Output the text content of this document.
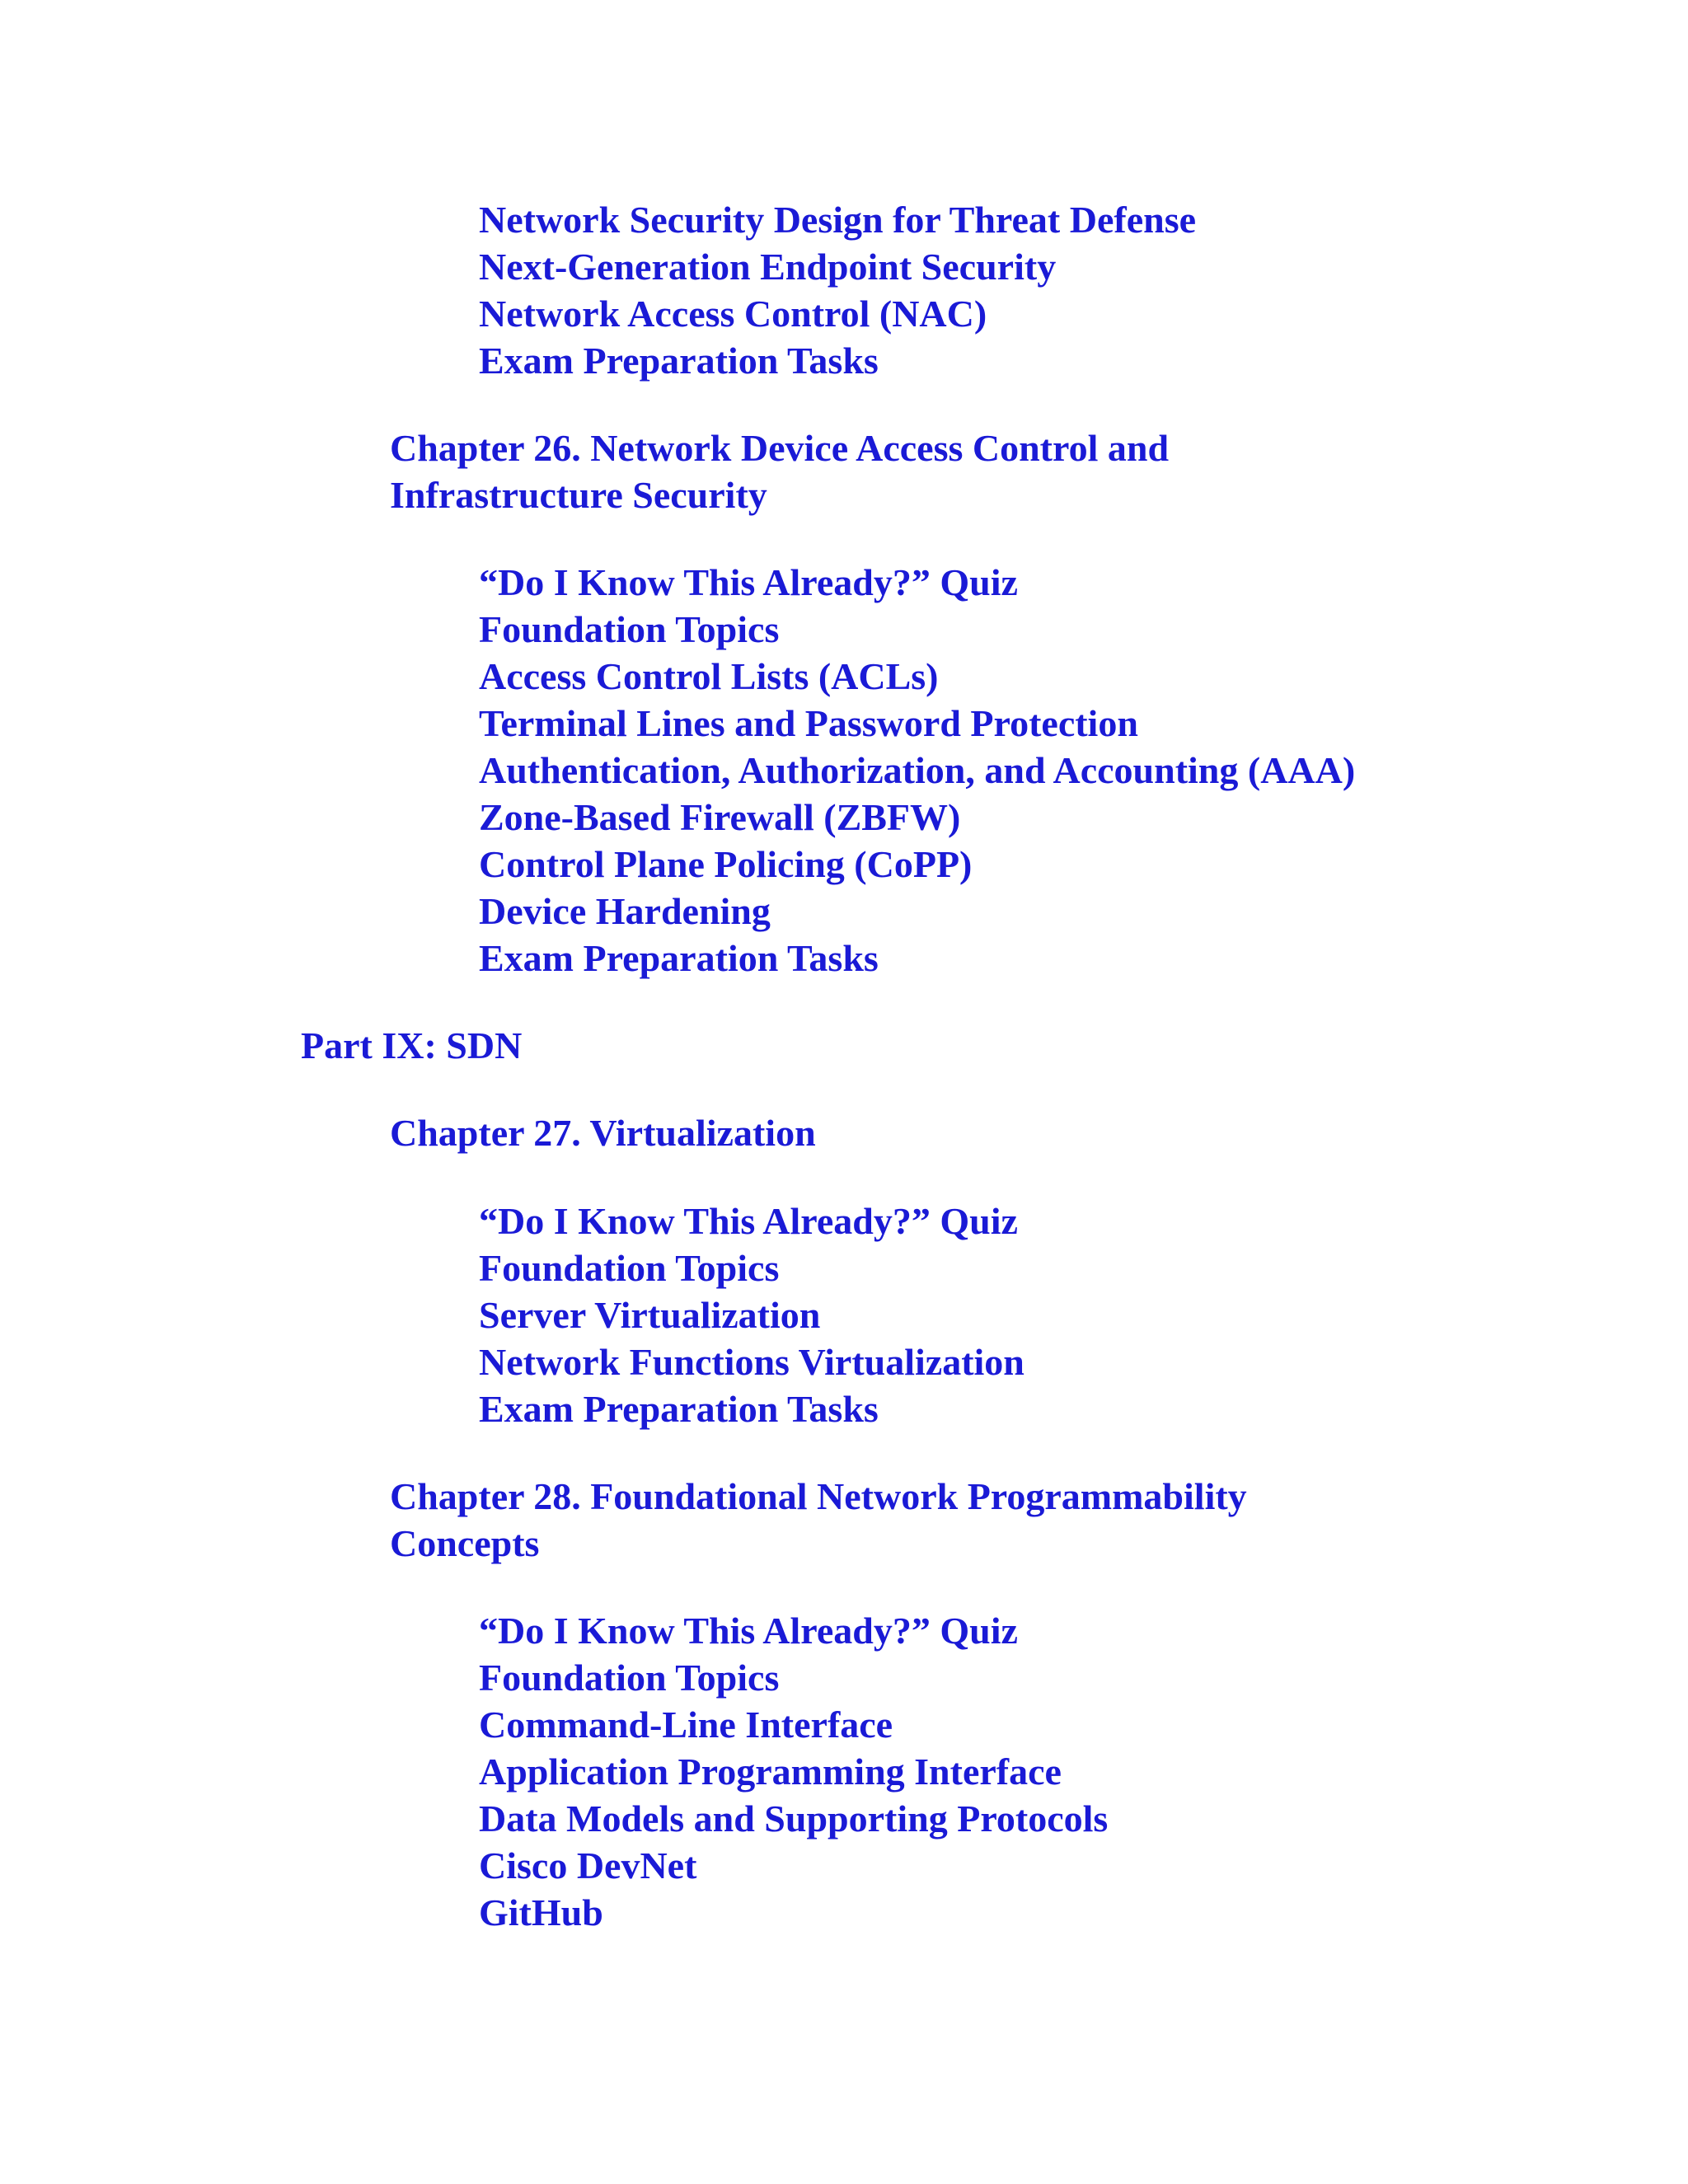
Network Security Design for Threat Defense
Next-Generation Endpoint Security
Network Access Control (NAC)
Exam Preparation Tasks
Chapter 26. Network Device Access Control and
Infrastructure Security
“Do I Know This Already?” Quiz
Foundation Topics
Access Control Lists (ACLs)
Terminal Lines and Password Protection
Authentication, Authorization, and Accounting (AAA)
Zone-Based Firewall (ZBFW)
Control Plane Policing (CoPP)
Device Hardening
Exam Preparation Tasks
Part IX: SDN
Chapter 27. Virtualization
“Do I Know This Already?” Quiz
Foundation Topics
Server Virtualization
Network Functions Virtualization
Exam Preparation Tasks
Chapter 28. Foundational Network Programmability
Concepts
“Do I Know This Already?” Quiz
Foundation Topics
Command-Line Interface
Application Programming Interface
Data Models and Supporting Protocols
Cisco DevNet
GitHub
